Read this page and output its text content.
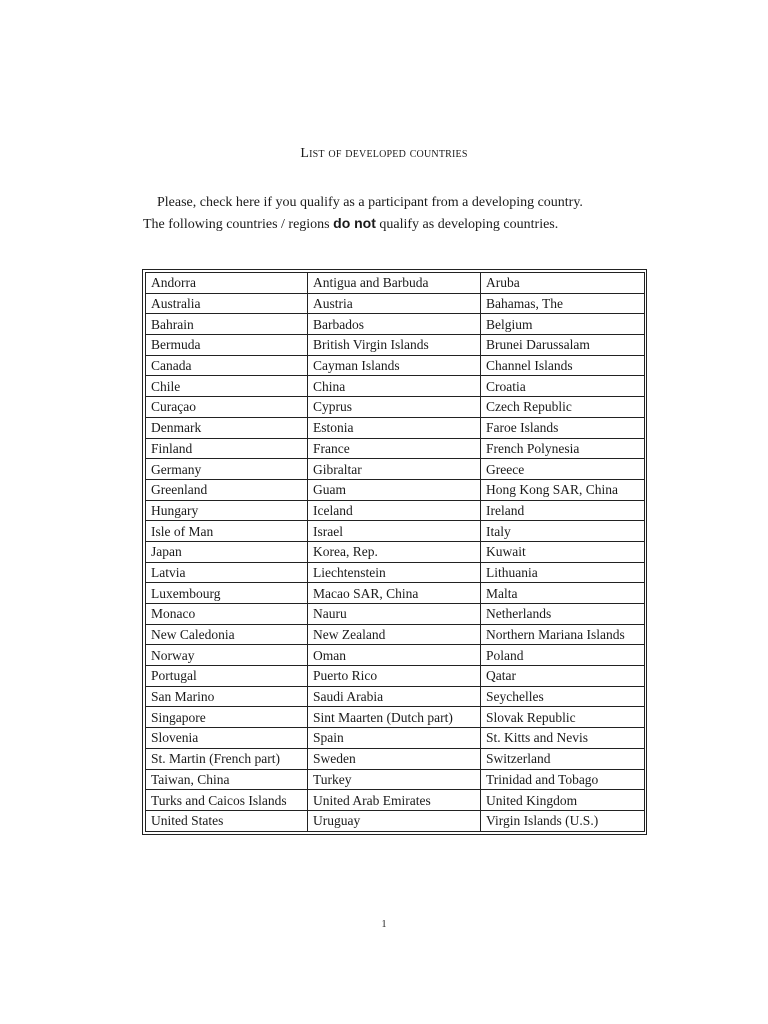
List of developed countries
Please, check here if you qualify as a participant from a developing country.
The following countries / regions do not qualify as developing countries.
Andorra	Antigua and Barbuda	Aruba
Australia	Austria	Bahamas, The
Bahrain	Barbados	Belgium
Bermuda	British Virgin Islands	Brunei Darussalam
Canada	Cayman Islands	Channel Islands
Chile	China	Croatia
Curaçao	Cyprus	Czech Republic
Denmark	Estonia	Faroe Islands
Finland	France	French Polynesia
Germany	Gibraltar	Greece
Greenland	Guam	Hong Kong SAR, China
Hungary	Iceland	Ireland
Isle of Man	Israel	Italy
Japan	Korea, Rep.	Kuwait
Latvia	Liechtenstein	Lithuania
Luxembourg	Macao SAR, China	Malta
Monaco	Nauru	Netherlands
New Caledonia	New Zealand	Northern Mariana Islands
Norway	Oman	Poland
Portugal	Puerto Rico	Qatar
San Marino	Saudi Arabia	Seychelles
Singapore	Sint Maarten (Dutch part)	Slovak Republic
Slovenia	Spain	St. Kitts and Nevis
St. Martin (French part)	Sweden	Switzerland
Taiwan, China	Turkey	Trinidad and Tobago
Turks and Caicos Islands	United Arab Emirates	United Kingdom
United States	Uruguay	Virgin Islands (U.S.)
1
